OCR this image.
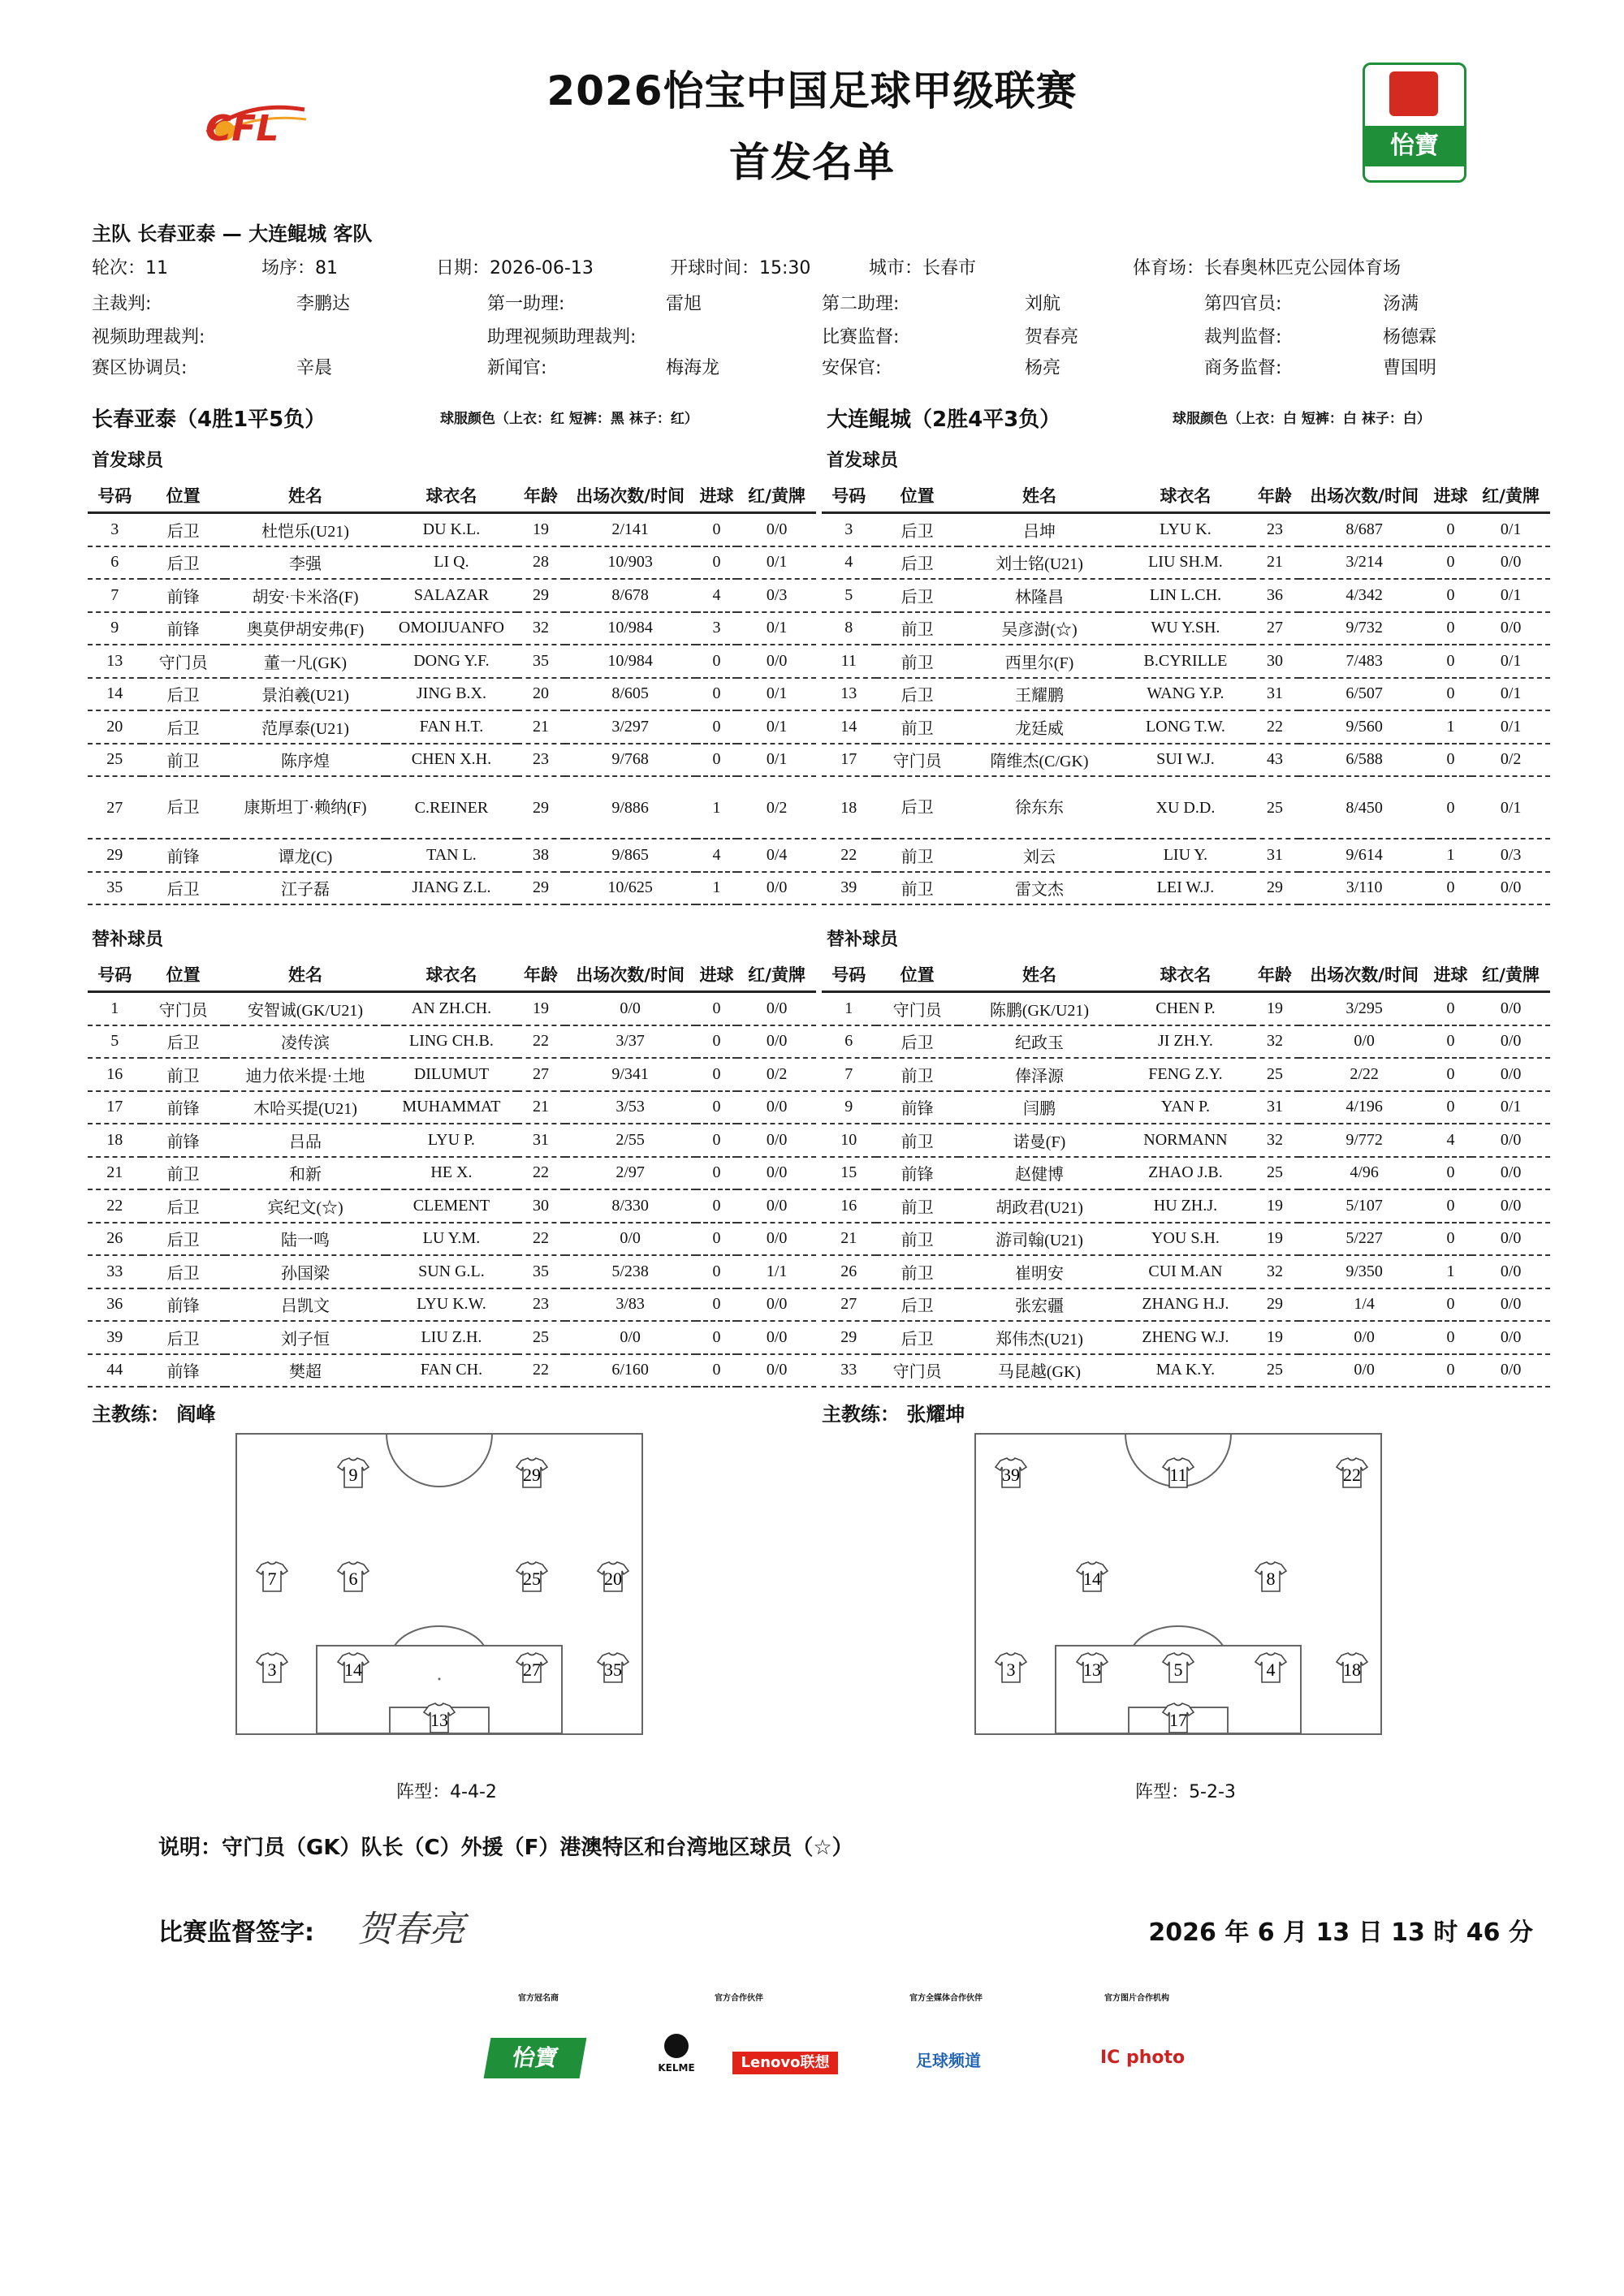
CFL	怡寶
2026怡宝中国足球甲级联赛
首发名单
主队 长春亚泰 — 大连鲲城 客队
轮次：11	场序：81	日期：2026-06-13	开球时间：15:30	城市：长春市	体育场：长春奥林匹克公园体育场
主裁判:	李鹏达	第一助理:	雷旭	第二助理:	刘航	第四官员:	汤满
视频助理裁判:	助理视频助理裁判:	比赛监督:	贺春亮	裁判监督:	杨德霖
赛区协调员:	辛晨	新闻官:	梅海龙	安保官:	杨亮	商务监督:	曹国明
长春亚泰（4胜1平5负）	球服颜色（上衣：红 短裤：黑 袜子：红）	大连鲲城（2胜4平3负）	球服颜色（上衣：白 短裤：白 袜子：白）
首发球员	首发球员
号码	位置	姓名	球衣名	年龄	出场次数/时间	进球	红/黄牌
3	后卫	杜恺乐(U21)	DU K.L.	19	2/141	0	0/0
6	后卫	李强	LI Q.	28	10/903	0	0/1
7	前锋	胡安·卡米洛(F)	SALAZAR	29	8/678	4	0/3
9	前锋	奥莫伊胡安弗(F)	OMOIJUANFO	32	10/984	3	0/1
13	守门员	董一凡(GK)	DONG Y.F.	35	10/984	0	0/0
14	后卫	景泊羲(U21)	JING B.X.	20	8/605	0	0/1
20	后卫	范厚泰(U21)	FAN H.T.	21	3/297	0	0/1
25	前卫	陈序煌	CHEN X.H.	23	9/768	0	0/1
27	后卫	康斯坦丁·赖纳(F)	C.REINER	29	9/886	1	0/2
29	前锋	谭龙(C)	TAN L.	38	9/865	4	0/4
35	后卫	江子磊	JIANG Z.L.	29	10/625	1	0/0
号码	位置	姓名	球衣名	年龄	出场次数/时间	进球	红/黄牌
3	后卫	吕坤	LYU K.	23	8/687	0	0/1
4	后卫	刘士铭(U21)	LIU SH.M.	21	3/214	0	0/0
5	后卫	林隆昌	LIN L.CH.	36	4/342	0	0/1
8	前卫	吴彦澍(☆)	WU Y.SH.	27	9/732	0	0/0
11	前卫	西里尔(F)	B.CYRILLE	30	7/483	0	0/1
13	后卫	王耀鹏	WANG Y.P.	31	6/507	0	0/1
14	前卫	龙廷威	LONG T.W.	22	9/560	1	0/1
17	守门员	隋维杰(C/GK)	SUI W.J.	43	6/588	0	0/2
18	后卫	徐东东	XU D.D.	25	8/450	0	0/1
22	前卫	刘云	LIU Y.	31	9/614	1	0/3
39	前卫	雷文杰	LEI W.J.	29	3/110	0	0/0
替补球员	替补球员
号码	位置	姓名	球衣名	年龄	出场次数/时间	进球	红/黄牌
1	守门员	安智诚(GK/U21)	AN ZH.CH.	19	0/0	0	0/0
5	后卫	凌传滨	LING CH.B.	22	3/37	0	0/0
16	前卫	迪力依米提·土地	DILUMUT	27	9/341	0	0/2
17	前锋	木哈买提(U21)	MUHAMMAT	21	3/53	0	0/0
18	前锋	吕品	LYU P.	31	2/55	0	0/0
21	前卫	和新	HE X.	22	2/97	0	0/0
22	后卫	宾纪文(☆)	CLEMENT	30	8/330	0	0/0
26	后卫	陆一鸣	LU Y.M.	22	0/0	0	0/0
33	后卫	孙国梁	SUN G.L.	35	5/238	0	1/1
36	前锋	吕凯文	LYU K.W.	23	3/83	0	0/0
39	后卫	刘子恒	LIU Z.H.	25	0/0	0	0/0
44	前锋	樊超	FAN CH.	22	6/160	0	0/0
号码	位置	姓名	球衣名	年龄	出场次数/时间	进球	红/黄牌
1	守门员	陈鹏(GK/U21)	CHEN P.	19	3/295	0	0/0
6	后卫	纪政玉	JI ZH.Y.	32	0/0	0	0/0
7	前卫	俸泽源	FENG Z.Y.	25	2/22	0	0/0
9	前锋	闫鹏	YAN P.	31	4/196	0	0/1
10	前卫	诺曼(F)	NORMANN	32	9/772	4	0/0
15	前锋	赵健博	ZHAO J.B.	25	4/96	0	0/0
16	前卫	胡政君(U21)	HU ZH.J.	19	5/107	0	0/0
21	前卫	游司翰(U21)	YOU S.H.	19	5/227	0	0/0
26	前卫	崔明安	CUI M.AN	32	9/350	1	0/0
27	后卫	张宏疆	ZHANG H.J.	29	1/4	0	0/0
29	后卫	郑伟杰(U21)	ZHENG W.J.	19	0/0	0	0/0
33	守门员	马昆越(GK)	MA K.Y.	25	0/0	0	0/0
主教练： 阎峰	主教练： 张耀坤
9	29
7	6	25	20
3	14	27	35
13
39	11	22
14	8
3	13	5	4	18
17
阵型：4-4-2	阵型：5-2-3
说明：守门员（GK）队长（C）外援（F）港澳特区和台湾地区球员（☆）
比赛监督签字: 贺春亮	2026 年 6 月 13 日 13 时 46 分
官方冠名商	官方合作伙伴	官方全媒体合作伙伴	官方图片合作机构
怡寶	KELME	Lenovo联想	足球频道	IC photo
